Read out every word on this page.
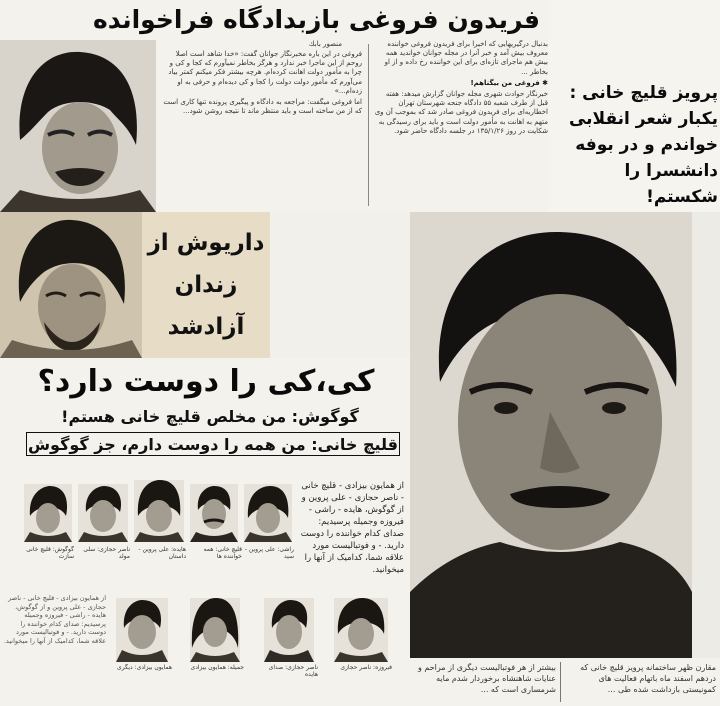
فریدون فروغی بازبدادگاه فراخوانده
منصور بابك

فروغی در این باره مخبرنگار جوانان گفت: «خدا شاهد است اصلا روحم از این ماجرا خبر ندارد و هرگز بخاطر نمیآورم که کجا و کی و چرا به مأمور دولت اهانت کرده‌ام. هرچه بیشتر فکر میکنم کمتر بیاد می‌آورم که مأمور دولت دولت را کجا و کی دیده‌ام و حرفی به او زده‌ام...»

اما فروغی میگفت: مراجعه به دادگاه و پیگیری پرونده تنها کاری است که از من ساخته است و باید منتظر ماند تا نتیجه روشن شود...

بدنبال درگیریهایی که اخیرا برای فریدون فروغی خواننده معروف بیش آمد و خبر آنرا در مجله جوانان خواندید همه بیش هم ماجرای تازه‌ای برای این خواننده رخ داده و از او بخاطر ...

✱ فروغی من بیگناهم!

خبرنگار حوادث شهری مجله جوانان گزارش میدهد: هفته قبل از طرف شعبه ۵۵ دادگاه جنحه شهرستان تهران اخطاریه‌ای برای فریدون فروغی صادر شد که بموجب آن وی متهم به اهانت به مأمور دولت است و باید برای رسیدگی به شکایت در روز ۱۳۵/۱/۲۶ در جلسه دادگاه حاضر شود.

پرویز قلیچ خانی :
یکبار شعر انقلابی
خواندم و در بوفه
دانشسرا را شکستم!
داریوش از
زندان
آزادشد
کی،کی را دوست دارد؟
گوگوش: من مخلص قلیچ خانی هستم!
قلیچ خانی: من همه را دوست دارم، جز گوگوش
از همایون بیزادی - قلیچ خانی - ناصر حجازی - علی پروین و از گوگوش، هایده - راشی - فیروزه وجمیله پرسیدیم: صدای کدام خواننده را دوست دارید. - و فوتبالیست مورد علاقه شما، کدامیک از آنها را میخوانید.
گوگوش: قلیچ خانی سازت
ناصر حجازی: سلی مولد
هایده: علی پروین - داستان
قلیچ خانی: همه خواننده ها
راشی: علی پروین - سید
همایون بیزادی: دیگری	جمیله: همایون بیزادی	ناصر حجازی: صدای هایده
فیروزه: ناصر حجازی

از همایون بیزادی - قلیچ خانی - ناصر حجازی - علی پروین و از گوگوش، هایده - راشی - فیروزه وجمیله پرسیدیم: صدای کدام خواننده را دوست دارید. - و فوتبالیست مورد علاقه شما، کدامیک از آنها را میخوانید.

بیشتر از هر فوتبالیست دیگری از مراحم و عنایات شاهنشاه برخوردار شدم مایه شرمساری است که ...
مقارن ظهر ساختمانه پرویز قلیچ خانی که دردهم اسفند ماه باتهام فعالیت های کمونیستی بازداشت شده طی ...
